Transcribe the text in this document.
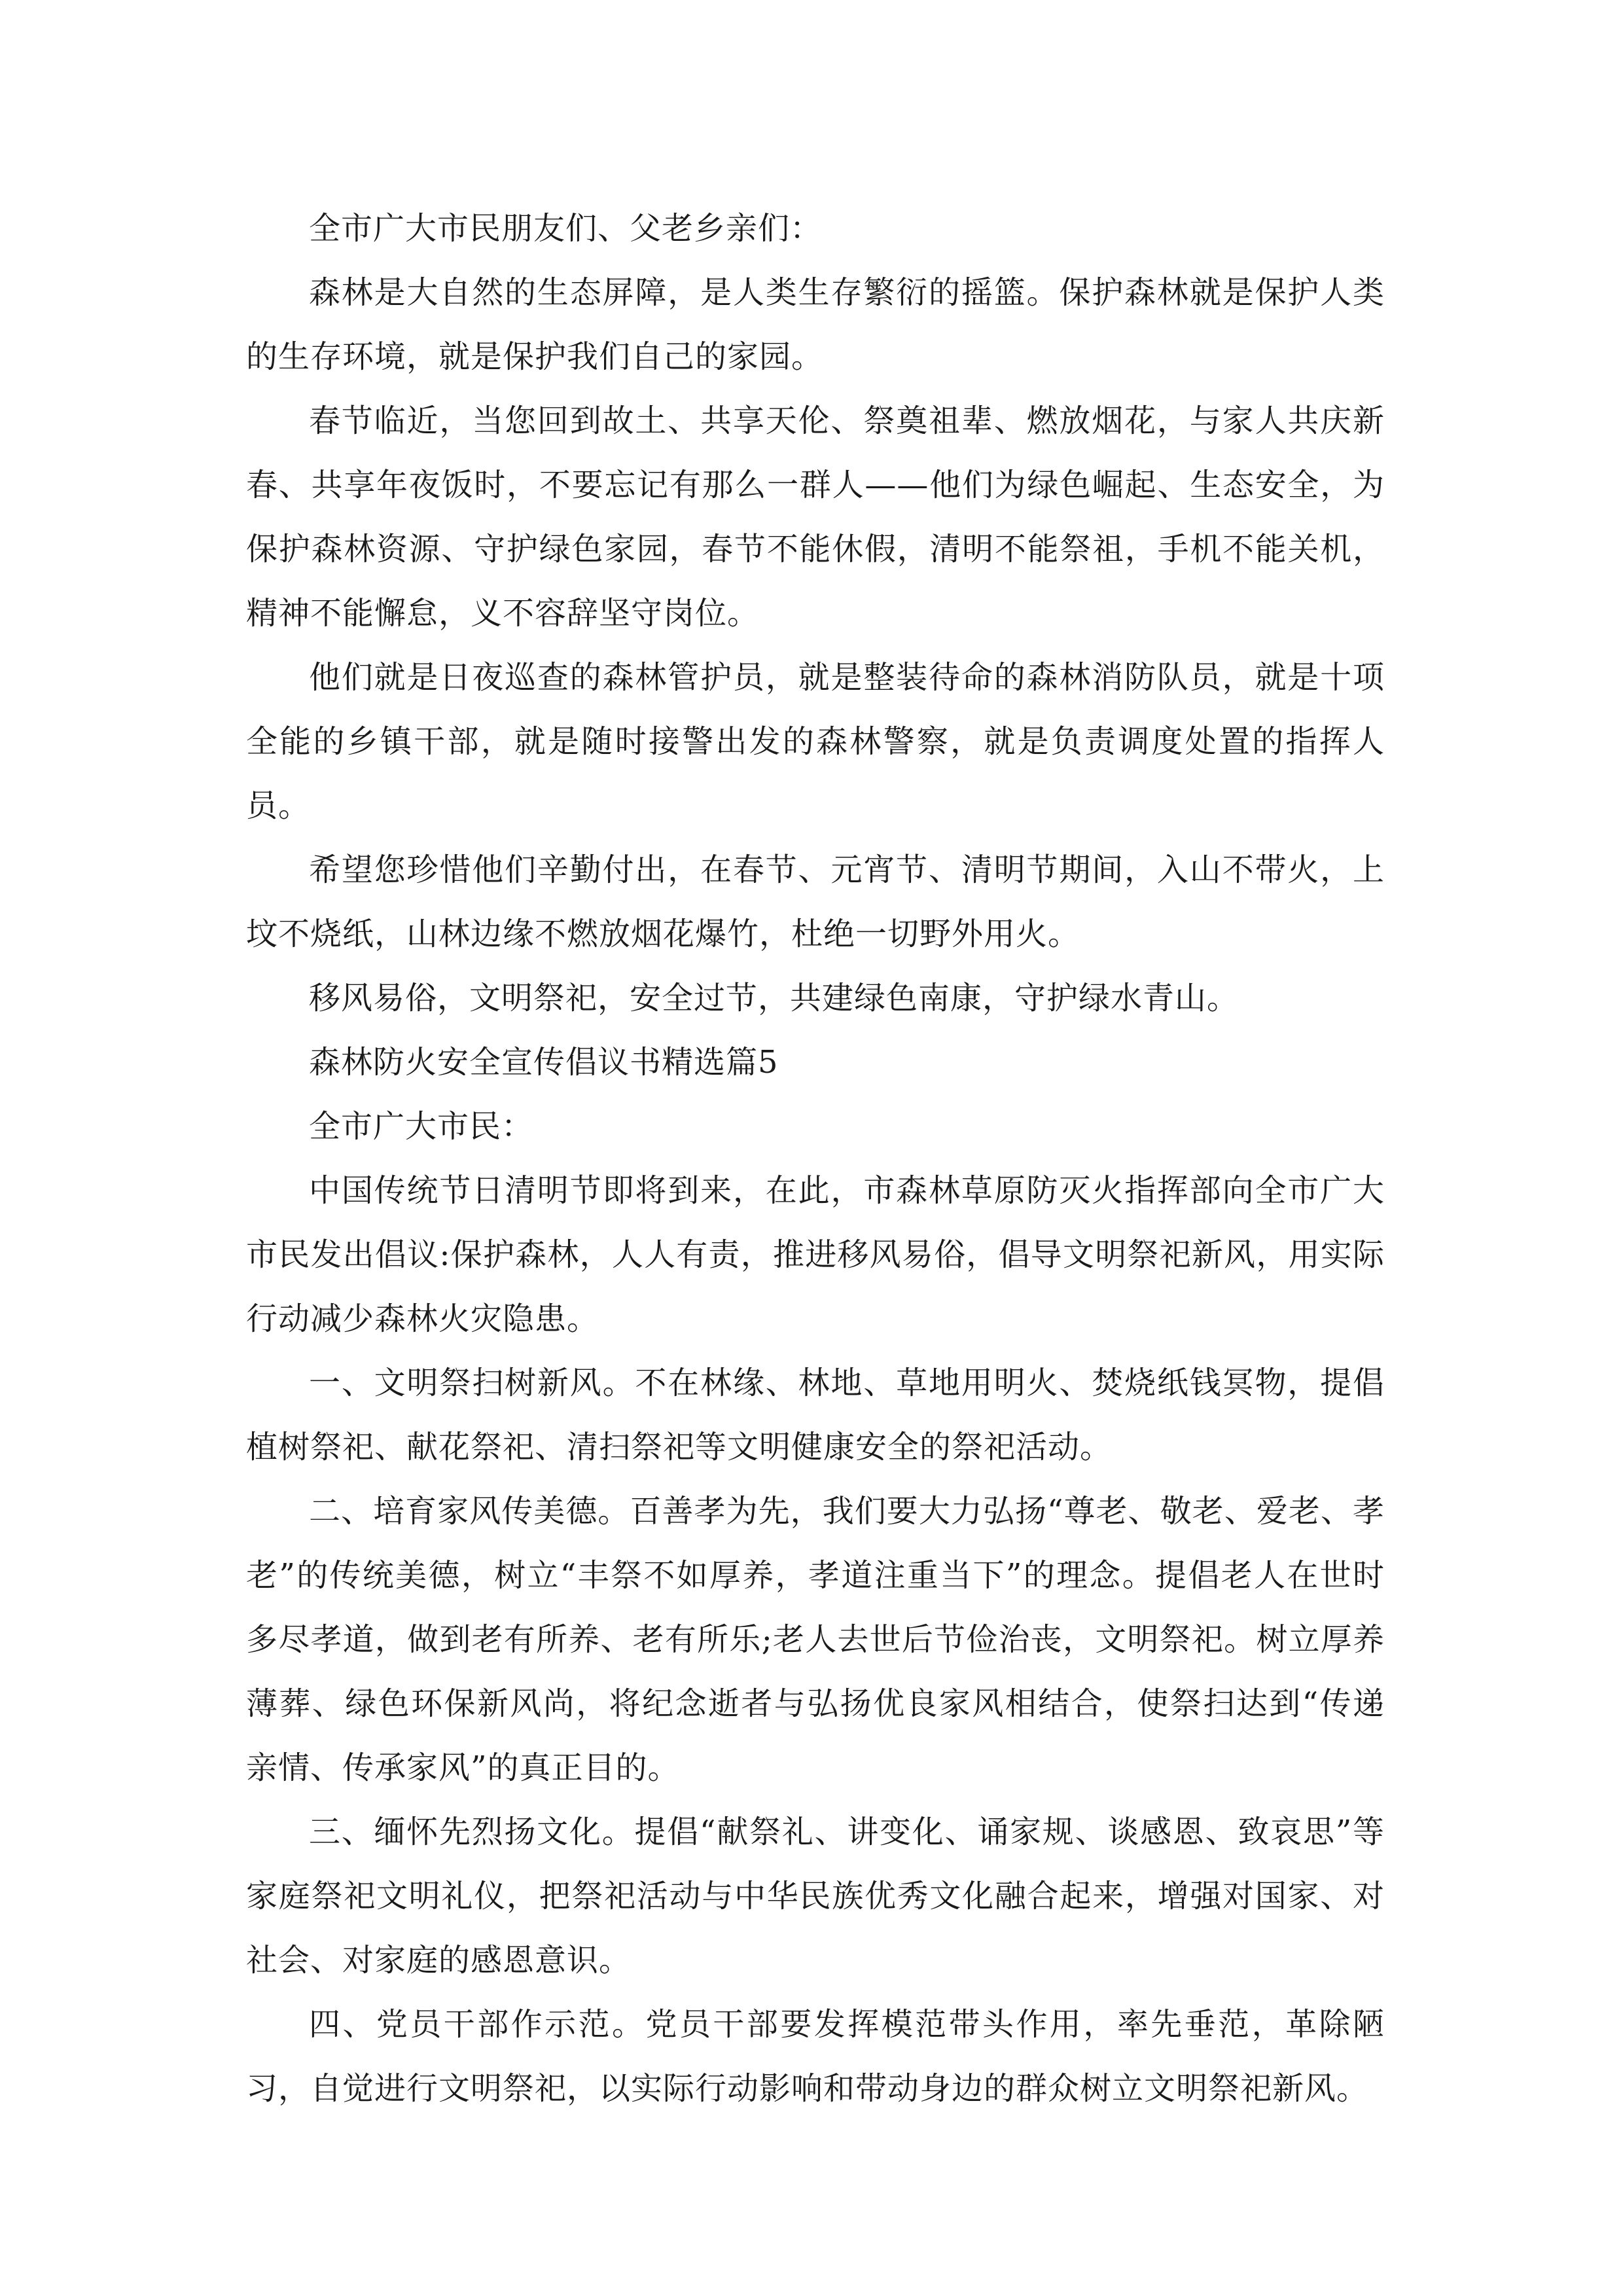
全市广大市民朋友们、父老乡亲们：

森林是大自然的生态屏障，是人类生存繁衍的摇篮。保护森林就是保护人类的生存环境，就是保护我们自己的家园。

春节临近，当您回到故土、共享天伦、祭奠祖辈、燃放烟花，与家人共庆新春、共享年夜饭时，不要忘记有那么一群人——他们为绿色崛起、生态安全，为保护森林资源、守护绿色家园，春节不能休假，清明不能祭祖，手机不能关机，精神不能懈怠，义不容辞坚守岗位。

他们就是日夜巡查的森林管护员，就是整装待命的森林消防队员，就是十项全能的乡镇干部，就是随时接警出发的森林警察，就是负责调度处置的指挥人员。

希望您珍惜他们辛勤付出，在春节、元宵节、清明节期间，入山不带火，上坟不烧纸，山林边缘不燃放烟花爆竹，杜绝一切野外用火。

移风易俗，文明祭祀，安全过节，共建绿色南康，守护绿水青山。

森林防火安全宣传倡议书精选篇5

全市广大市民：

中国传统节日清明节即将到来，在此，市森林草原防灭火指挥部向全市广大市民发出倡议:保护森林，人人有责，推进移风易俗，倡导文明祭祀新风，用实际行动减少森林火灾隐患。

一、文明祭扫树新风。不在林缘、林地、草地用明火、焚烧纸钱冥物，提倡植树祭祀、献花祭祀、清扫祭祀等文明健康安全的祭祀活动。

二、培育家风传美德。百善孝为先，我们要大力弘扬“尊老、敬老、爱老、孝老”的传统美德，树立“丰祭不如厚养，孝道注重当下”的理念。提倡老人在世时多尽孝道，做到老有所养、老有所乐;老人去世后节俭治丧，文明祭祀。树立厚养薄葬、绿色环保新风尚，将纪念逝者与弘扬优良家风相结合，使祭扫达到“传递亲情、传承家风”的真正目的。

三、缅怀先烈扬文化。提倡“献祭礼、讲变化、诵家规、谈感恩、致哀思”等家庭祭祀文明礼仪，把祭祀活动与中华民族优秀文化融合起来，增强对国家、对社会、对家庭的感恩意识。

四、党员干部作示范。党员干部要发挥模范带头作用，率先垂范，革除陋习，自觉进行文明祭祀，以实际行动影响和带动身边的群众树立文明祭祀新风。
